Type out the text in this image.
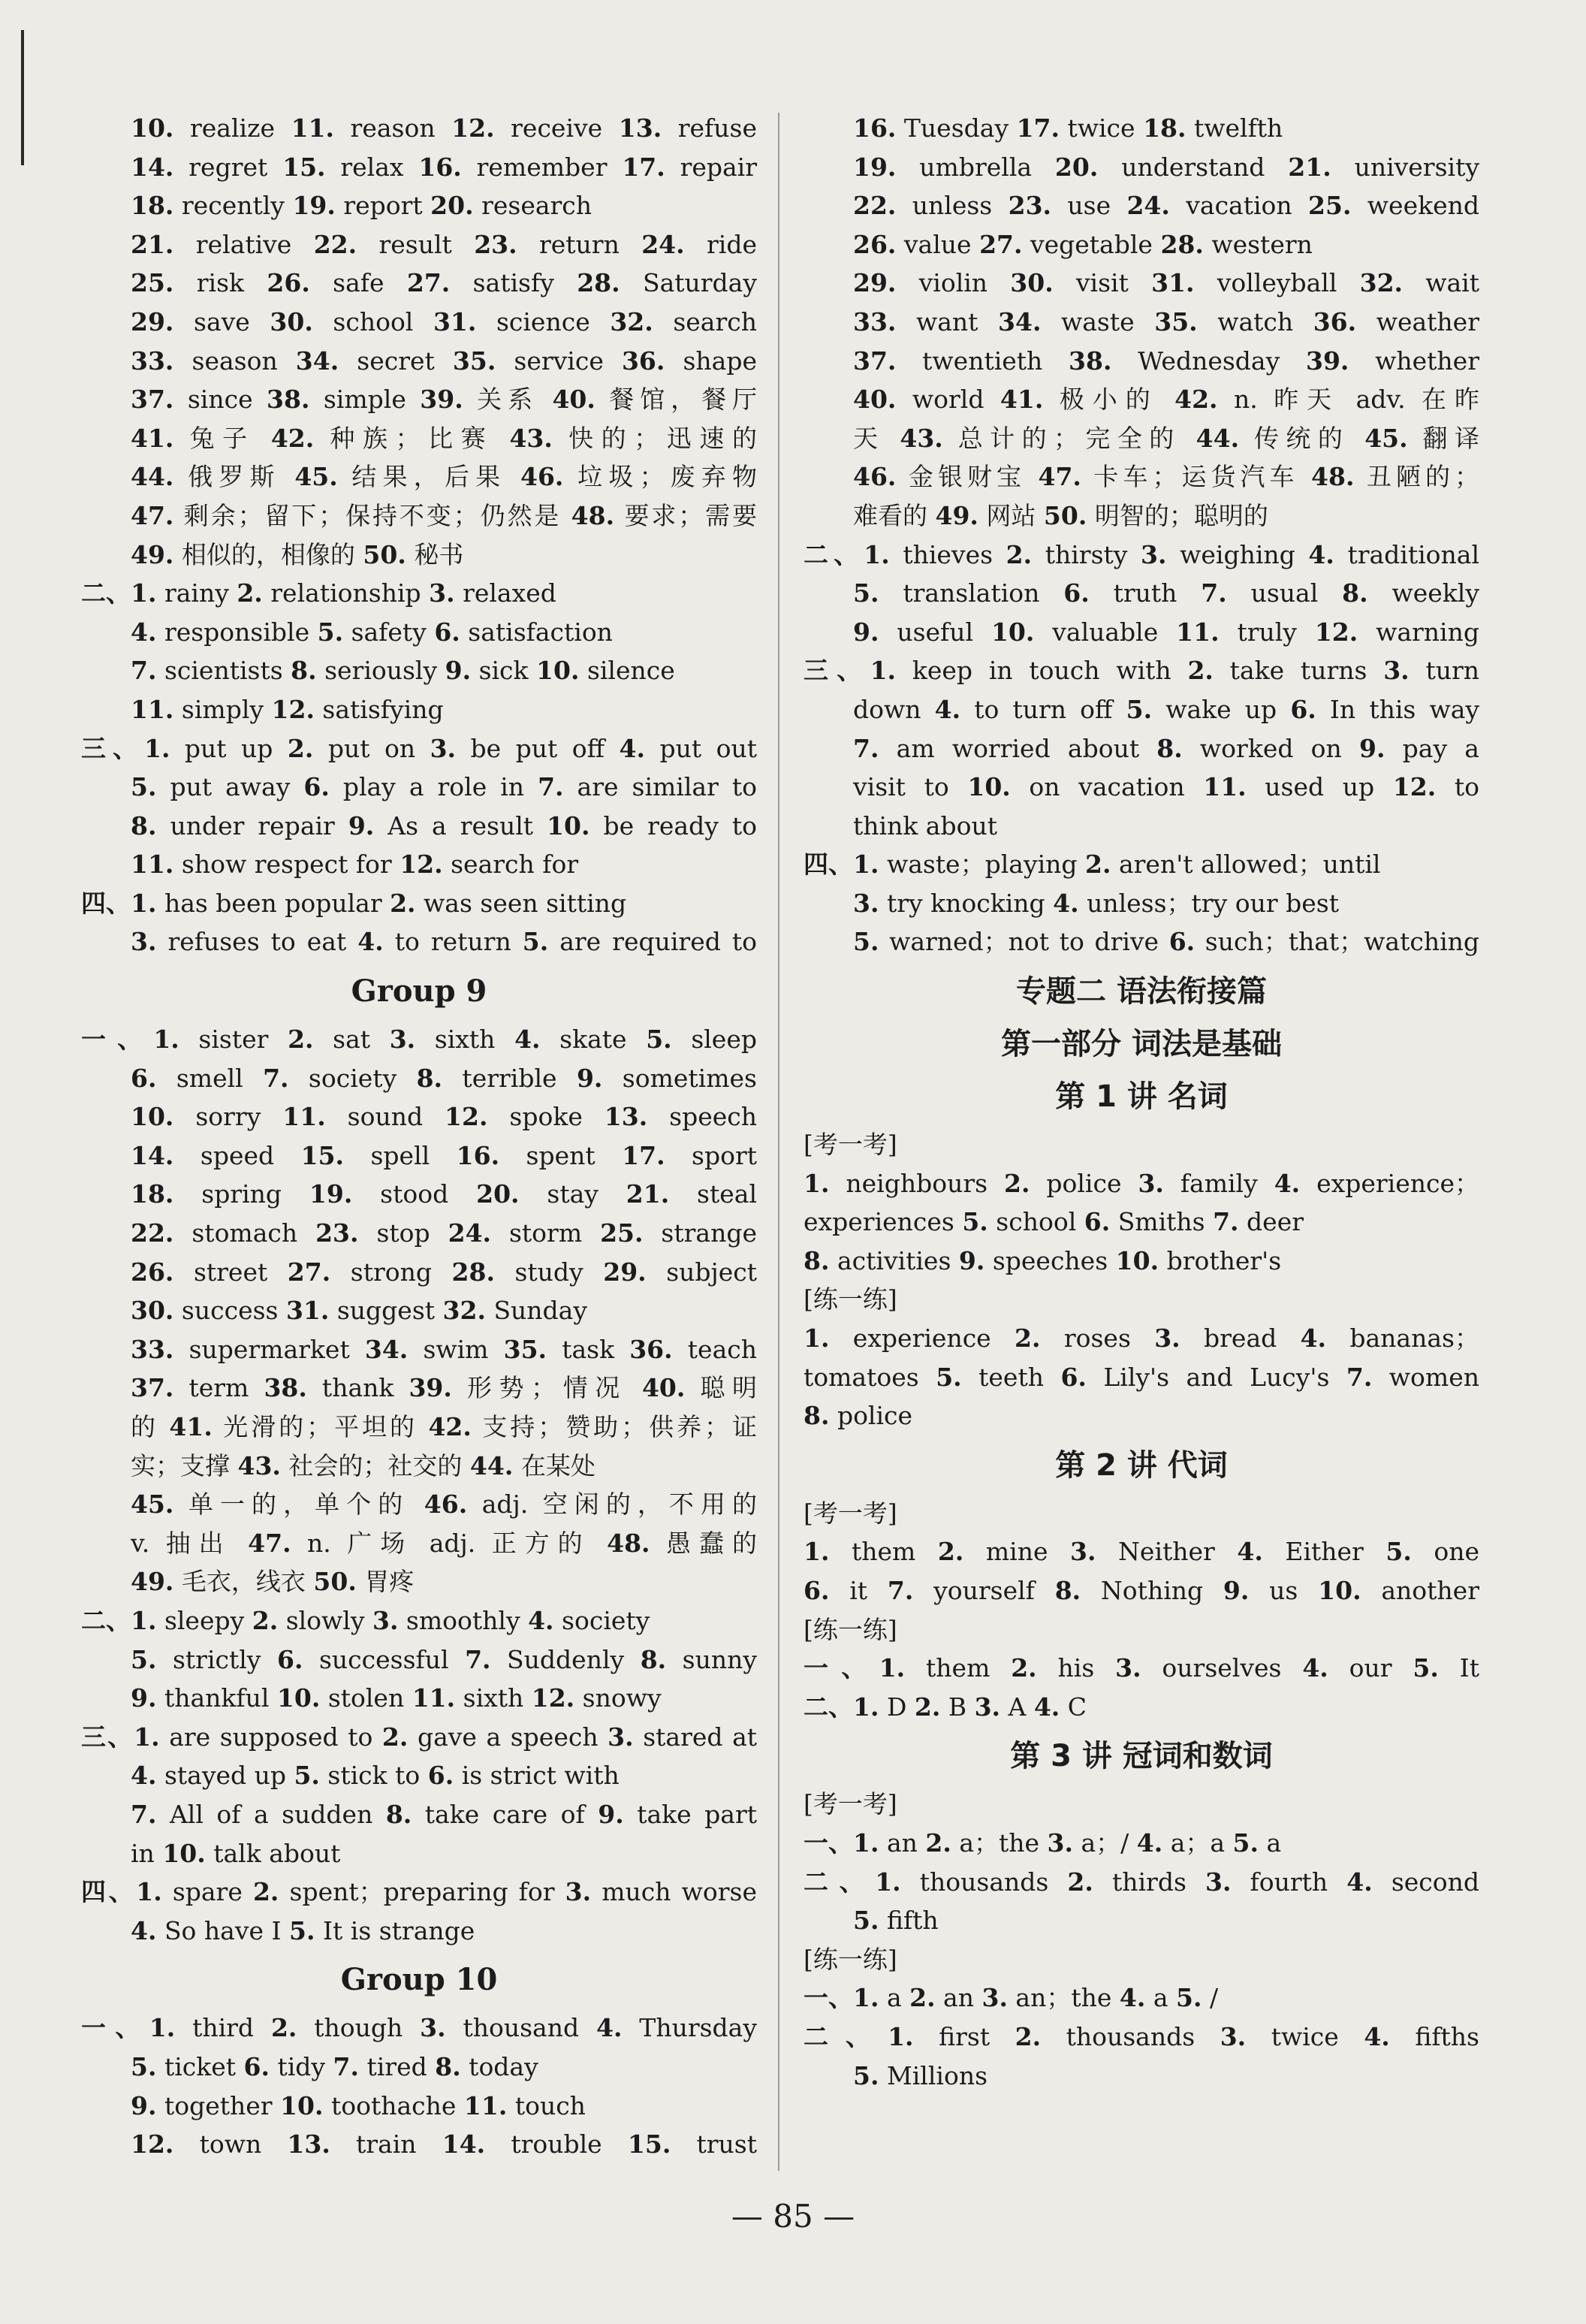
10. realize 11. reason 12. receive 13. refuse
14. regret 15. relax 16. remember 17. repair
18. recently 19. report 20. research
21. relative 22. result 23. return 24. ride
25. risk 26. safe 27. satisfy 28. Saturday
29. save 30. school 31. science 32. search
33. season 34. secret 35. service 36. shape
37. since 38. simple 39. 关系 40. 餐馆，餐厅
41. 兔子 42. 种族；比赛 43. 快的；迅速的
44. 俄罗斯 45. 结果，后果 46. 垃圾；废弃物
47. 剩余；留下；保持不变；仍然是 48. 要求；需要
49. 相似的，相像的 50. 秘书
二、1. rainy 2. relationship 3. relaxed
4. responsible 5. safety 6. satisfaction
7. scientists 8. seriously 9. sick 10. silence
11. simply 12. satisfying
三、1. put up 2. put on 3. be put off 4. put out
5. put away 6. play a role in 7. are similar to
8. under repair 9. As a result 10. be ready to
11. show respect for 12. search for
四、1. has been popular 2. was seen sitting
3. refuses to eat 4. to return 5. are required to
Group 9
一、1. sister 2. sat 3. sixth 4. skate 5. sleep
6. smell 7. society 8. terrible 9. sometimes
10. sorry 11. sound 12. spoke 13. speech
14. speed 15. spell 16. spent 17. sport
18. spring 19. stood 20. stay 21. steal
22. stomach 23. stop 24. storm 25. strange
26. street 27. strong 28. study 29. subject
30. success 31. suggest 32. Sunday
33. supermarket 34. swim 35. task 36. teach
37. term 38. thank 39. 形势；情况 40. 聪明
的 41. 光滑的；平坦的 42. 支持；赞助；供养；证
实；支撑 43. 社会的；社交的 44. 在某处
45. 单一的，单个的 46. adj. 空闲的，不用的
v. 抽出 47. n. 广场 adj. 正方的 48. 愚蠢的
49. 毛衣，线衣 50. 胃疼
二、1. sleepy 2. slowly 3. smoothly 4. society
5. strictly 6. successful 7. Suddenly 8. sunny
9. thankful 10. stolen 11. sixth 12. snowy
三、1. are supposed to 2. gave a speech 3. stared at
4. stayed up 5. stick to 6. is strict with
7. All of a sudden 8. take care of 9. take part
in 10. talk about
四、1. spare 2. spent；preparing for 3. much worse
4. So have I 5. It is strange
Group 10
一、1. third 2. though 3. thousand 4. Thursday
5. ticket 6. tidy 7. tired 8. today
9. together 10. toothache 11. touch
12. town 13. train 14. trouble 15. trust
16. Tuesday 17. twice 18. twelfth
19. umbrella 20. understand 21. university
22. unless 23. use 24. vacation 25. weekend
26. value 27. vegetable 28. western
29. violin 30. visit 31. volleyball 32. wait
33. want 34. waste 35. watch 36. weather
37. twentieth 38. Wednesday 39. whether
40. world 41. 极小的 42. n. 昨天 adv. 在昨
天 43. 总计的；完全的 44. 传统的 45. 翻译
46. 金银财宝 47. 卡车；运货汽车 48. 丑陋的；
难看的 49. 网站 50. 明智的；聪明的
二、1. thieves 2. thirsty 3. weighing 4. traditional
5. translation 6. truth 7. usual 8. weekly
9. useful 10. valuable 11. truly 12. warning
三、1. keep in touch with 2. take turns 3. turn
down 4. to turn off 5. wake up 6. In this way
7. am worried about 8. worked on 9. pay a
visit to 10. on vacation 11. used up 12. to
think about
四、1. waste；playing 2. aren't allowed；until
3. try knocking 4. unless；try our best
5. warned；not to drive 6. such；that；watching
专题二 语法衔接篇
第一部分 词法是基础
第 1 讲 名词
[考一考]
1. neighbours 2. police 3. family 4. experience；
experiences 5. school 6. Smiths 7. deer
8. activities 9. speeches 10. brother's
[练一练]
1. experience 2. roses 3. bread 4. bananas；
tomatoes 5. teeth 6. Lily's and Lucy's 7. women
8. police
第 2 讲 代词
[考一考]
1. them 2. mine 3. Neither 4. Either 5. one
6. it 7. yourself 8. Nothing 9. us 10. another
[练一练]
一、1. them 2. his 3. ourselves 4. our 5. It
二、1. D 2. B 3. A 4. C
第 3 讲 冠词和数词
[考一考]
一、1. an 2. a；the 3. a；/ 4. a；a 5. a
二、1. thousands 2. thirds 3. fourth 4. second
5. fifth
[练一练]
一、1. a 2. an 3. an；the 4. a 5. /
二、1. first 2. thousands 3. twice 4. fifths
5. Millions
— 85 —
